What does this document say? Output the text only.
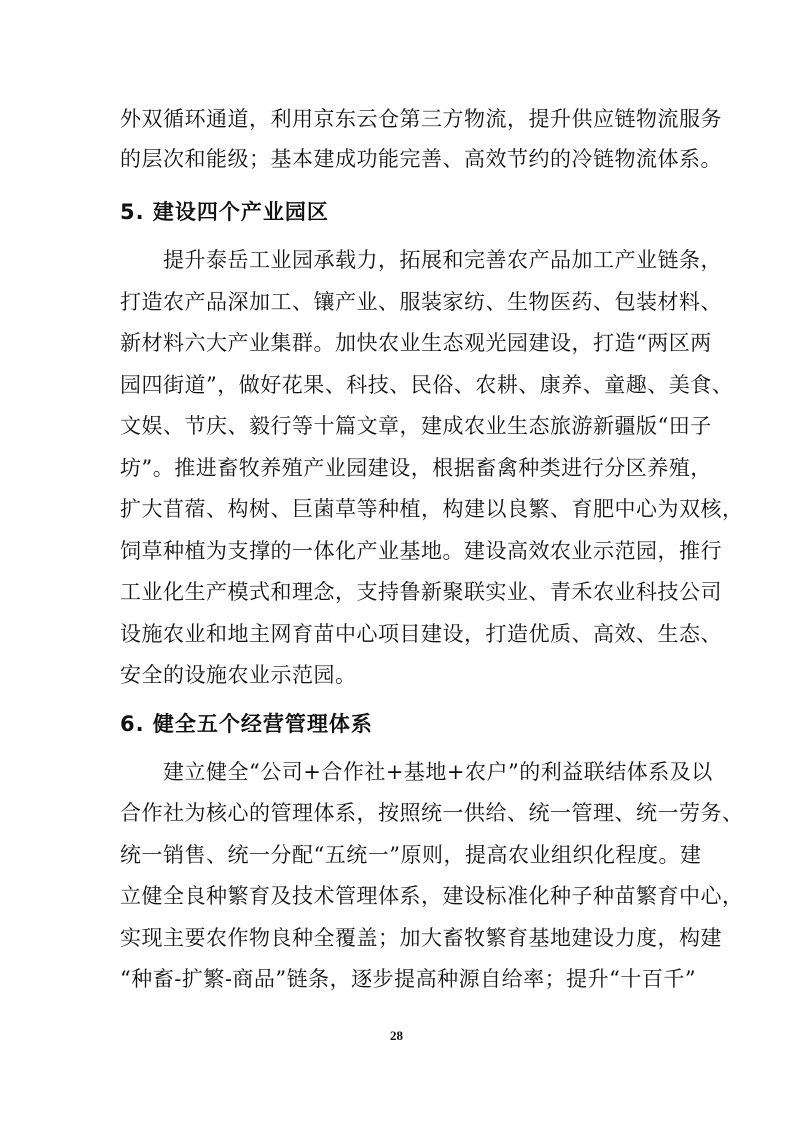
外双循环通道，利用京东云仓第三方物流，提升供应链物流服务
的层次和能级；基本建成功能完善、高效节约的冷链物流体系。
5. 建设四个产业园区
　　提升泰岳工业园承载力，拓展和完善农产品加工产业链条，
打造农产品深加工、镶产业、服装家纺、生物医药、包装材料、
新材料六大产业集群。加快农业生态观光园建设，打造“两区两
园四街道”，做好花果、科技、民俗、农耕、康养、童趣、美食、
文娱、节庆、毅行等十篇文章，建成农业生态旅游新疆版“田子
坊”。推进畜牧养殖产业园建设，根据畜禽种类进行分区养殖，
扩大苜蓿、构树、巨菌草等种植，构建以良繁、育肥中心为双核，
饲草种植为支撑的一体化产业基地。建设高效农业示范园，推行
工业化生产模式和理念，支持鲁新聚联实业、青禾农业科技公司
设施农业和地主网育苗中心项目建设，打造优质、高效、生态、
安全的设施农业示范园。
6. 健全五个经营管理体系
　　建立健全“公司+合作社+基地+农户”的利益联结体系及以
合作社为核心的管理体系，按照统一供给、统一管理、统一劳务、
统一销售、统一分配“五统一”原则，提高农业组织化程度。建
立健全良种繁育及技术管理体系，建设标准化种子种苗繁育中心，
实现主要农作物良种全覆盖；加大畜牧繁育基地建设力度，构建
“种畜-扩繁-商品”链条，逐步提高种源自给率；提升“十百千”
28
